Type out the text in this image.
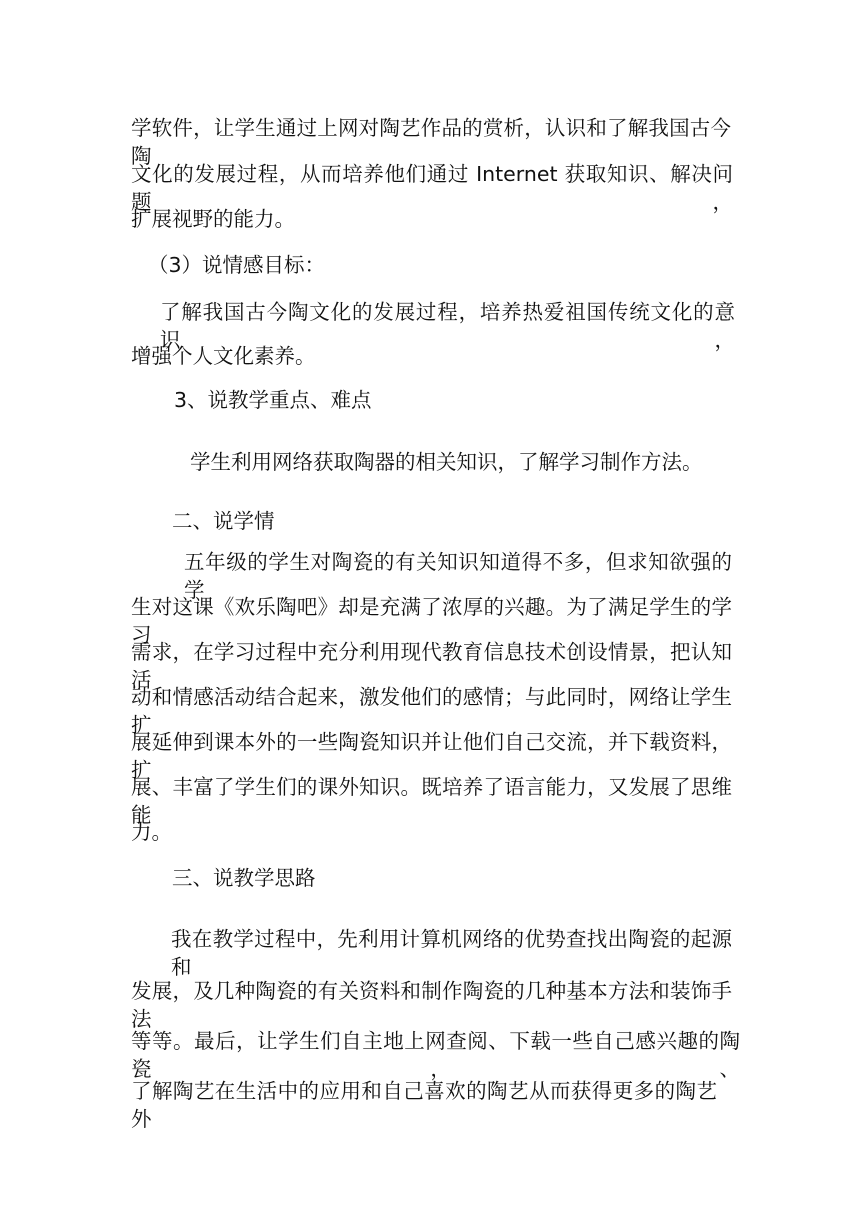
学软件，让学生通过上网对陶艺作品的赏析，认识和了解我国古今陶
文化的发展过程，从而培养他们通过 Internet 获取知识、解决问题，
扩展视野的能力。
（3）说情感目标：
了解我国古今陶文化的发展过程，培养热爱祖国传统文化的意识，
增强个人文化素养。
3、说教学重点、难点
学生利用网络获取陶器的相关知识，了解学习制作方法。
二、说学情
五年级的学生对陶瓷的有关知识知道得不多，但求知欲强的学
生对这课《欢乐陶吧》却是充满了浓厚的兴趣。为了满足学生的学习
需求，在学习过程中充分利用现代教育信息技术创设情景，把认知活
动和情感活动结合起来，激发他们的感情；与此同时，网络让学生扩
展延伸到课本外的一些陶瓷知识并让他们自己交流，并下载资料，扩
展、丰富了学生们的课外知识。既培养了语言能力，又发展了思维能
力。
三、说教学思路
我在教学过程中，先利用计算机网络的优势查找出陶瓷的起源和
发展，及几种陶瓷的有关资料和制作陶瓷的几种基本方法和装饰手法
等等。最后，让学生们自主地上网查阅、下载一些自己感兴趣的陶瓷，、
了解陶艺在生活中的应用和自己喜欢的陶艺从而获得更多的陶艺外
